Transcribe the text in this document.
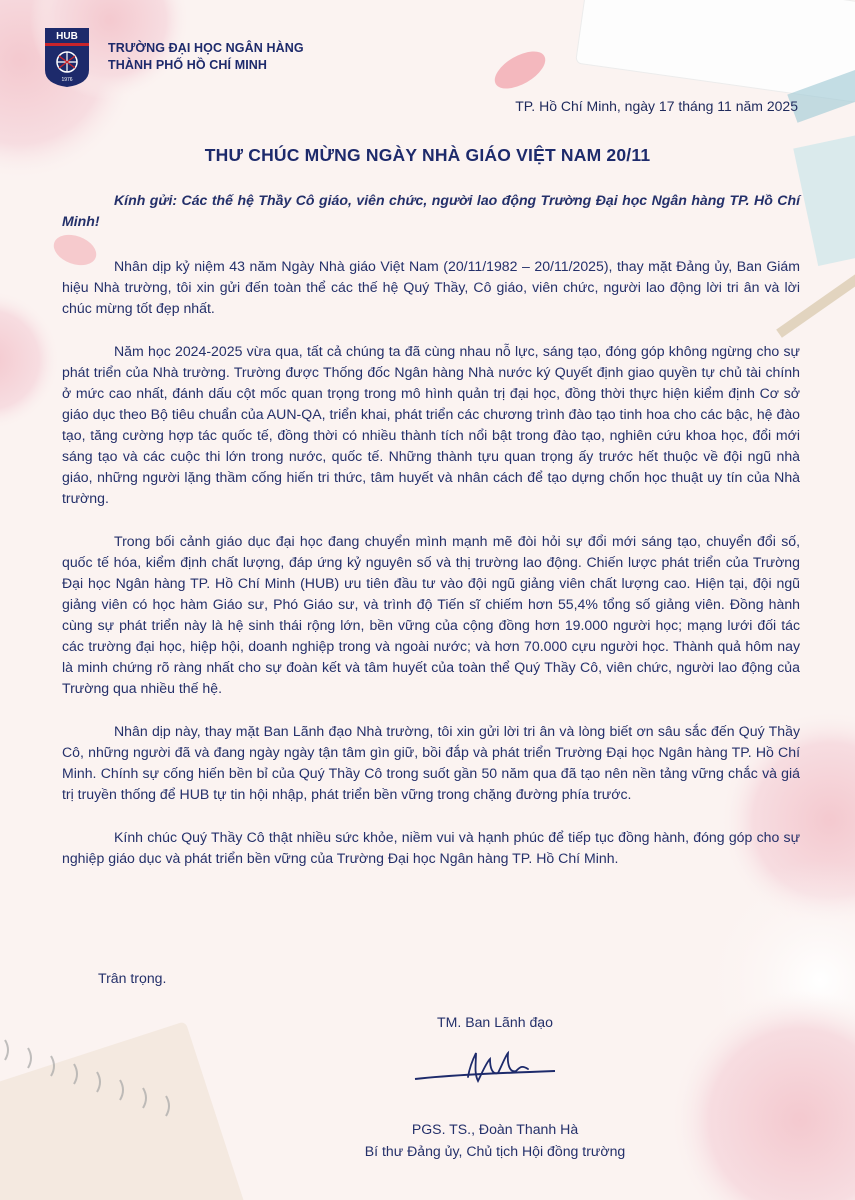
HUB
1976
TRƯỜNG ĐẠI HỌC NGÂN HÀNG
THÀNH PHỐ HỒ CHÍ MINH
TP. Hồ Chí Minh, ngày 17 tháng 11 năm 2025
THƯ CHÚC MỪNG NGÀY NHÀ GIÁO VIỆT NAM 20/11

Kính gửi: Các thế hệ Thầy Cô giáo, viên chức, người lao động Trường Đại học Ngân hàng TP. Hồ Chí Minh!

Nhân dịp kỷ niệm 43 năm Ngày Nhà giáo Việt Nam (20/11/1982 – 20/11/2025), thay mặt Đảng ủy, Ban Giám hiệu Nhà trường, tôi xin gửi đến toàn thể các thế hệ Quý Thầy, Cô giáo, viên chức, người lao động lời tri ân và lời chúc mừng tốt đẹp nhất.

Năm học 2024-2025 vừa qua, tất cả chúng ta đã cùng nhau nỗ lực, sáng tạo, đóng góp không ngừng cho sự phát triển của Nhà trường. Trường được Thống đốc Ngân hàng Nhà nước ký Quyết định giao quyền tự chủ tài chính ở mức cao nhất, đánh dấu cột mốc quan trọng trong mô hình quản trị đại học, đồng thời thực hiện kiểm định Cơ sở giáo dục theo Bộ tiêu chuẩn của AUN-QA, triển khai, phát triển các chương trình đào tạo tinh hoa cho các bậc, hệ đào tạo, tăng cường hợp tác quốc tế, đồng thời có nhiều thành tích nổi bật trong đào tạo, nghiên cứu khoa học, đổi mới sáng tạo và các cuộc thi lớn trong nước, quốc tế. Những thành tựu quan trọng ấy trước hết thuộc về đội ngũ nhà giáo, những người lặng thầm cống hiến tri thức, tâm huyết và nhân cách để tạo dựng chốn học thuật uy tín của Nhà trường.

Trong bối cảnh giáo dục đại học đang chuyển mình mạnh mẽ đòi hỏi sự đổi mới sáng tạo, chuyển đổi số, quốc tế hóa, kiểm định chất lượng, đáp ứng kỷ nguyên số và thị trường lao động. Chiến lược phát triển của Trường Đại học Ngân hàng TP. Hồ Chí Minh (HUB) ưu tiên đầu tư vào đội ngũ giảng viên chất lượng cao. Hiện tại, đội ngũ giảng viên có học hàm Giáo sư, Phó Giáo sư, và trình độ Tiến sĩ chiếm hơn 55,4% tổng số giảng viên. Đồng hành cùng sự phát triển này là hệ sinh thái rộng lớn, bền vững của cộng đồng hơn 19.000 người học; mạng lưới đối tác các trường đại học, hiệp hội, doanh nghiệp trong và ngoài nước; và hơn 70.000 cựu người học. Thành quả hôm nay là minh chứng rõ ràng nhất cho sự đoàn kết và tâm huyết của toàn thể Quý Thầy Cô, viên chức, người lao động của Trường qua nhiều thế hệ.

Nhân dịp này, thay mặt Ban Lãnh đạo Nhà trường, tôi xin gửi lời tri ân và lòng biết ơn sâu sắc đến Quý Thầy Cô, những người đã và đang ngày ngày tận tâm gìn giữ, bồi đắp và phát triển Trường Đại học Ngân hàng TP. Hồ Chí Minh. Chính sự cống hiến bền bỉ của Quý Thầy Cô trong suốt gần 50 năm qua đã tạo nên nền tảng vững chắc và giá trị truyền thống để HUB tự tin hội nhập, phát triển bền vững trong chặng đường phía trước.

Kính chúc Quý Thầy Cô thật nhiều sức khỏe, niềm vui và hạnh phúc để tiếp tục đồng hành, đóng góp cho sự nghiệp giáo dục và phát triển bền vững của Trường Đại học Ngân hàng TP. Hồ Chí Minh.

Trân trọng.
TM. Ban Lãnh đạo
PGS. TS., Đoàn Thanh Hà
Bí thư Đảng ủy, Chủ tịch Hội đồng trường
